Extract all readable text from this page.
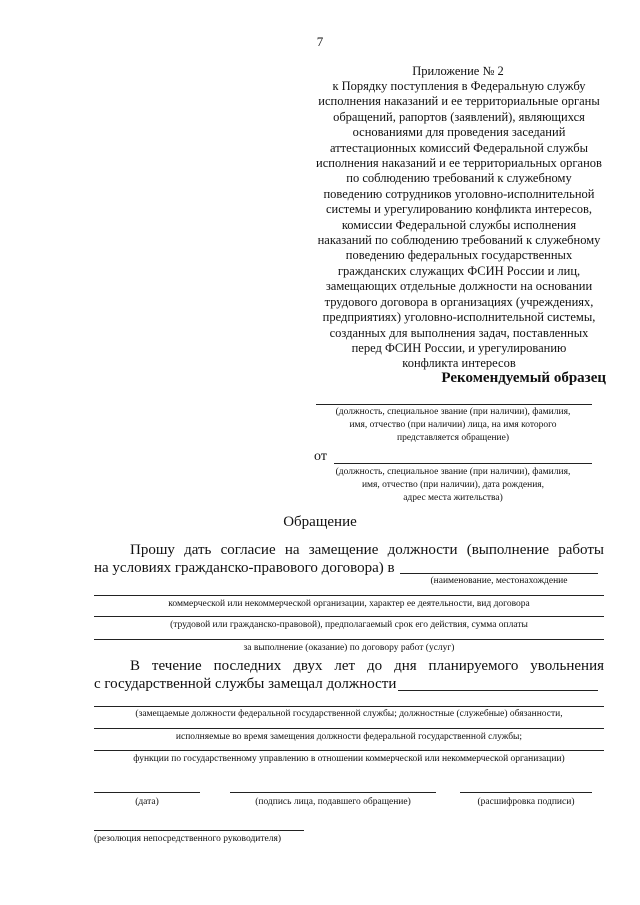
7
Приложение № 2
к Порядку поступления в Федеральную службу
исполнения наказаний и ее территориальные органы
обращений, рапортов (заявлений), являющихся
основаниями для проведения заседаний
аттестационных комиссий Федеральной службы
исполнения наказаний и ее территориальных органов
по соблюдению требований к служебному
поведению сотрудников уголовно-исполнительной
системы и урегулированию конфликта интересов,
комиссии Федеральной службы исполнения
наказаний по соблюдению требований к служебному
поведению федеральных государственных
гражданских служащих ФСИН России и лиц,
замещающих отдельные должности на основании
трудового договора в организациях (учреждениях,
предприятиях) уголовно-исполнительной системы,
созданных для выполнения задач, поставленных
перед ФСИН России, и урегулированию
конфликта интересов
Рекомендуемый образец
(должность, специальное звание (при наличии), фамилия,
имя, отчество (при наличии) лица, на имя которого
представляется обращение)
от
(должность, специальное звание (при наличии), фамилия,
имя, отчество (при наличии), дата рождения,
адрес места жительства)
Обращение
Прошу дать согласие на замещение должности (выполнение работы
на условиях гражданско-правового договора) в
(наименование, местонахождение
коммерческой или некоммерческой организации, характер ее деятельности, вид договора
(трудовой или гражданско-правовой), предполагаемый срок его действия, сумма оплаты
за выполнение (оказание) по договору работ (услуг)
В течение последних двух лет до дня планируемого увольнения
с государственной службы замещал должности
(замещаемые должности федеральной государственной службы; должностные (служебные) обязанности,
исполняемые во время замещения должности федеральной государственной службы;
функции по государственному управлению в отношении коммерческой или некоммерческой организации)
(дата)	(подпись лица, подавшего обращение)	(расшифровка подписи)
(резолюция непосредственного руководителя)
